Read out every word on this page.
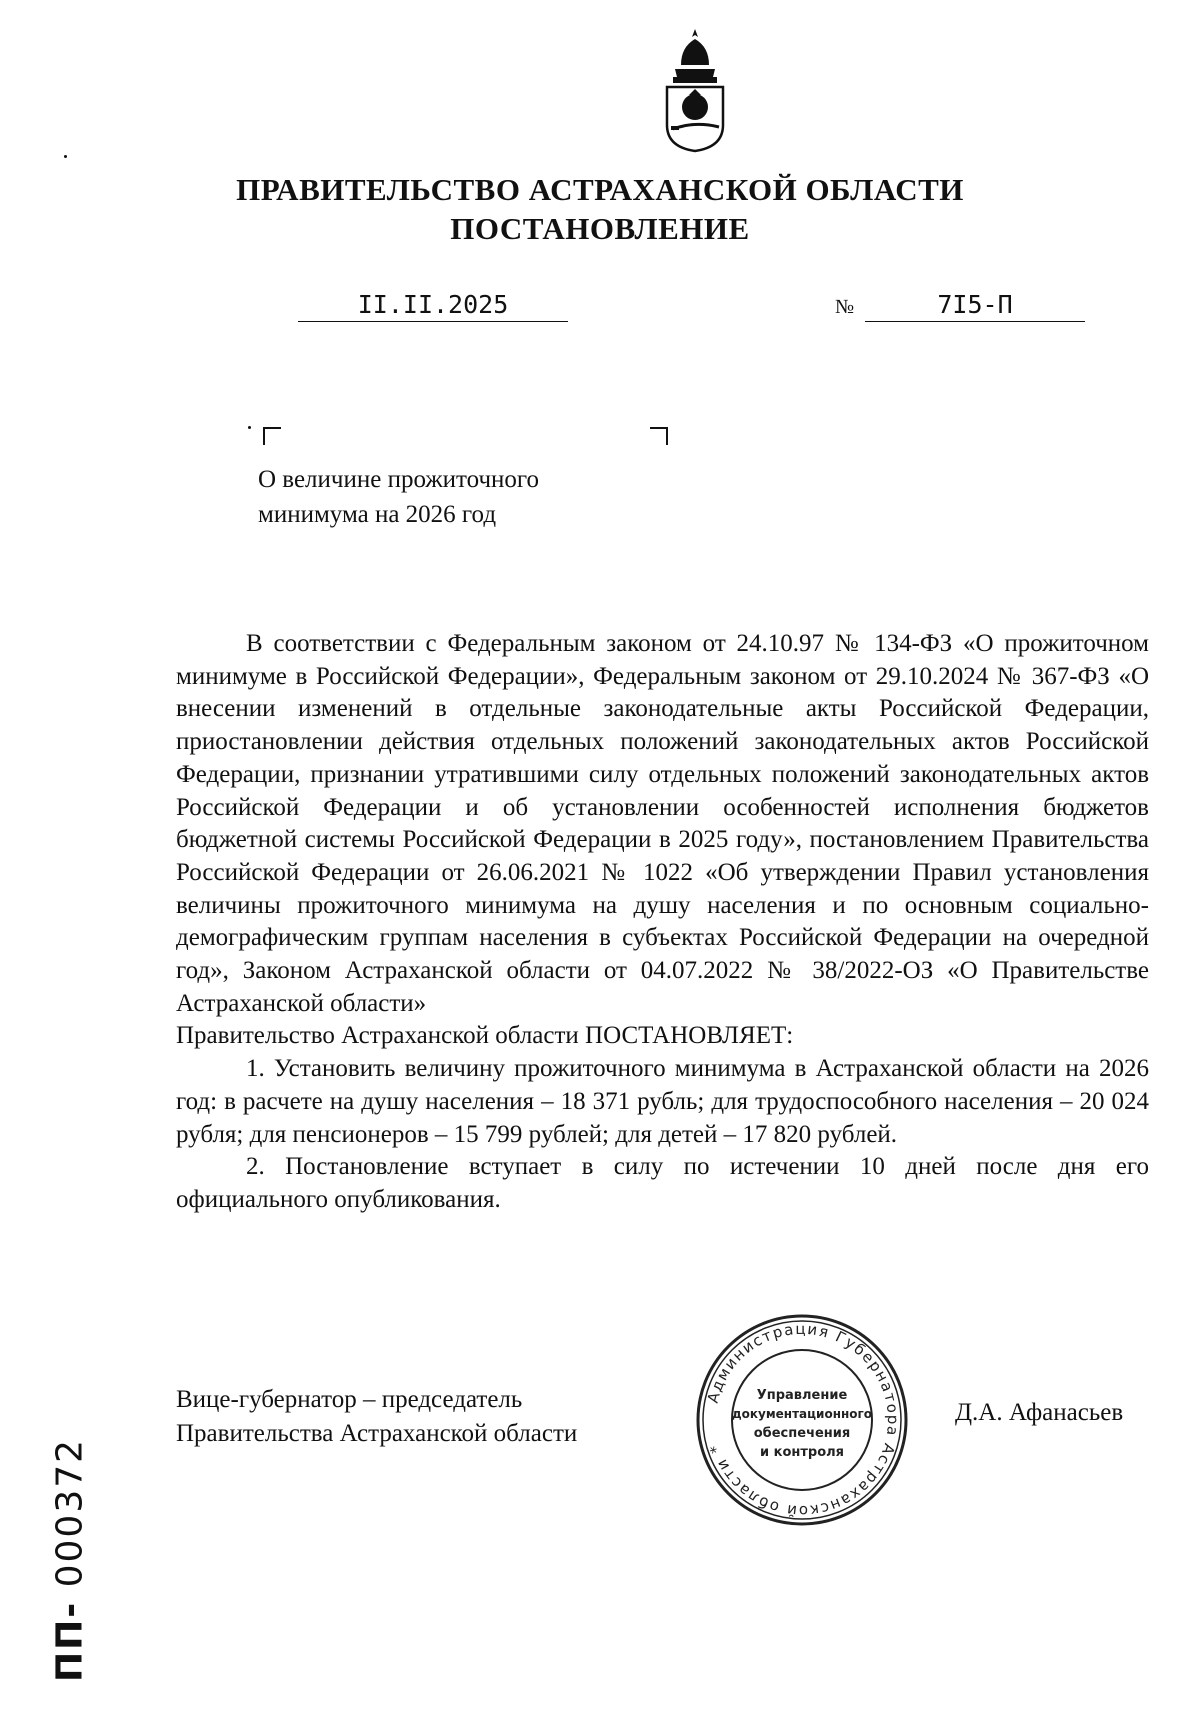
ПРАВИТЕЛЬСТВО АСТРАХАНСКОЙ ОБЛАСТИ
ПОСТАНОВЛЕНИЕ
II.II.2025	№	7I5-П
О величине прожиточного
минимума на 2026 год

В соответствии с Федеральным законом от 24.10.97 № 134-ФЗ «О прожиточном минимуме в Российской Федерации», Федеральным законом от 29.10.2024 № 367-ФЗ «О внесении изменений в отдельные законодательные акты Российской Федерации, приостановлении действия отдельных положений законодательных актов Российской Федерации, признании утратившими силу отдельных положений законодательных актов Российской Федерации и об установлении особенностей исполнения бюджетов бюджетной системы Российской Федерации в 2025 году», постановлением Правительства Российской Федерации от 26.06.2021 № 1022 «Об утверждении Правил установления величины прожиточного минимума на душу населения и по основным социально-демографическим группам населения в субъектах Российской Федерации на очередной год», Законом Астраханской области от 04.07.2022 № 38/2022-ОЗ «О Правительстве Астраханской области»

Правительство Астраханской области ПОСТАНОВЛЯЕТ:

1. Установить величину прожиточного минимума в Астраханской области на 2026 год: в расчете на душу населения – 18 371 рубль; для трудоспособного населения – 20 024 рубля; для пенсионеров – 15 799 рублей; для детей – 17 820 рублей.

2. Постановление вступает в силу по истечении 10 дней после дня его официального опубликования.

Вице-губернатор – председатель
Правительства Астраханской области
Администрация Губернатора Астраханской области *
Управление
документационного
обеспечения
и контроля
Д.А. Афанасьев
ПП- 000372
